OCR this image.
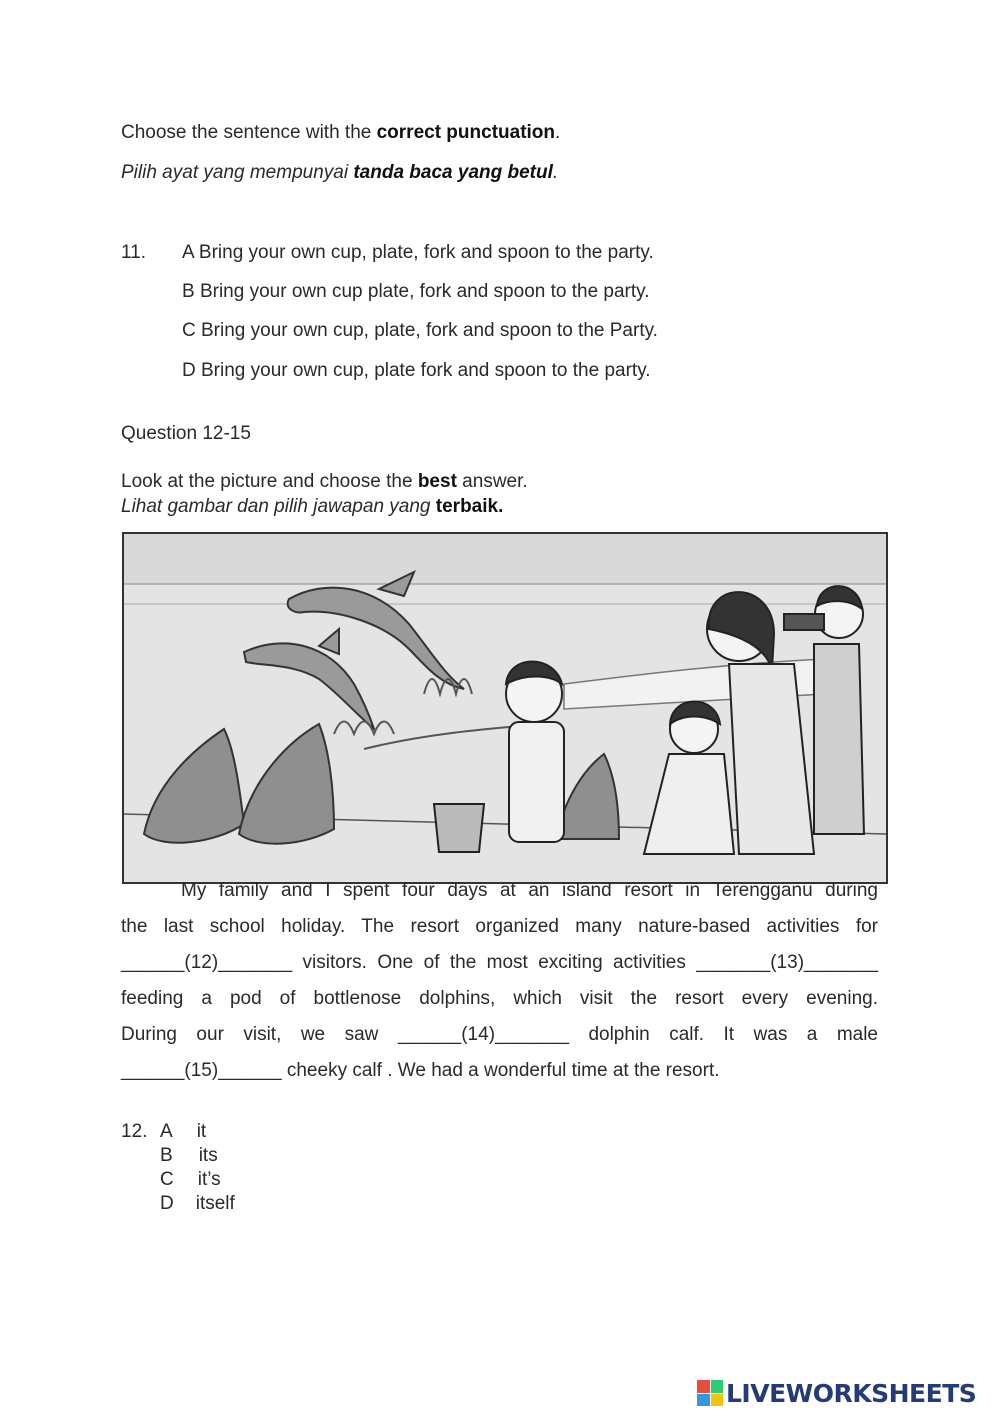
Choose the sentence with the correct punctuation.
Pilih ayat yang mempunyai tanda baca yang betul.
11. A Bring your own cup, plate, fork and spoon to the party.
B Bring your own cup plate, fork and spoon to the party.
C Bring your own cup, plate, fork and spoon to the Party.
D Bring your own cup, plate fork and spoon to the party.
Question 12-15
Look at the picture and choose the best answer.
Lihat gambar dan pilih jawapan yang terbaik.
My family and I spent four days at an island resort in Terengganu during
the last school holiday. The resort organized many nature-based activities for
______(12)_______ visitors. One of the most exciting activities _______(13)_______
feeding a pod of bottlenose dolphins, which visit the resort every evening.
During our visit, we saw ______(14)_______ dolphin calf. It was a male
______(15)______ cheeky calf . We had a wonderful time at the resort.
12. A it
B its
C it’s
D itself
LIVEWORKSHEETS
